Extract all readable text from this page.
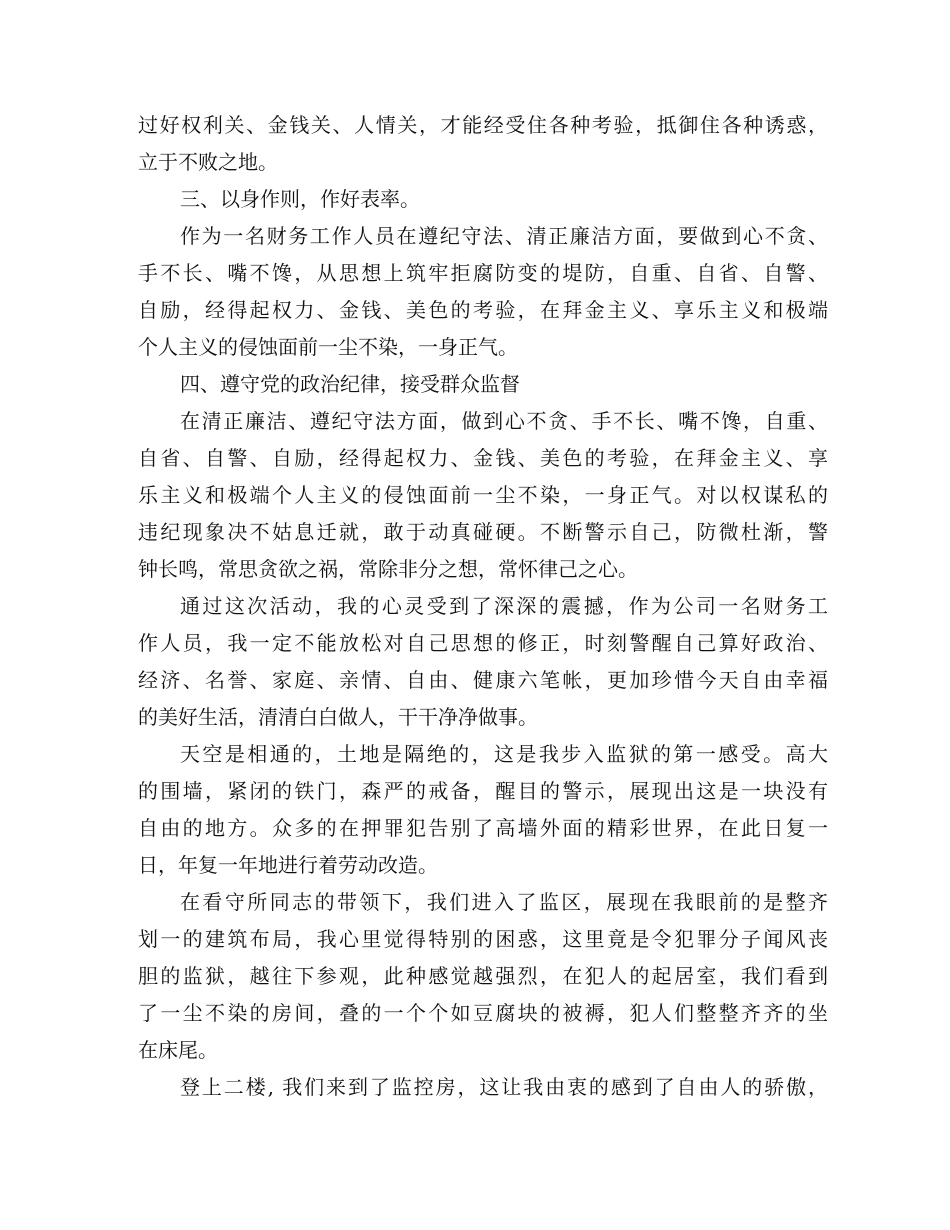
过好权利关、金钱关、人情关，才能经受住各种考验，抵御住各种诱惑，
立于不败之地。
三、以身作则，作好表率。
作为一名财务工作人员在遵纪守法、清正廉洁方面，要做到心不贪、
手不长、嘴不馋，从思想上筑牢拒腐防变的堤防，自重、自省、自警、
自励，经得起权力、金钱、美色的考验，在拜金主义、享乐主义和极端
个人主义的侵蚀面前一尘不染，一身正气。
四、遵守党的政治纪律，接受群众监督
在清正廉洁、遵纪守法方面，做到心不贪、手不长、嘴不馋，自重、
自省、自警、自励，经得起权力、金钱、美色的考验，在拜金主义、享
乐主义和极端个人主义的侵蚀面前一尘不染，一身正气。对以权谋私的
违纪现象决不姑息迁就，敢于动真碰硬。不断警示自己，防微杜渐，警
钟长鸣，常思贪欲之祸，常除非分之想，常怀律己之心。
通过这次活动，我的心灵受到了深深的震撼，作为公司一名财务工
作人员，我一定不能放松对自己思想的修正，时刻警醒自己算好政治、
经济、名誉、家庭、亲情、自由、健康六笔帐，更加珍惜今天自由幸福
的美好生活，清清白白做人，干干净净做事。
天空是相通的，土地是隔绝的，这是我步入监狱的第一感受。高大
的围墙，紧闭的铁门，森严的戒备，醒目的警示，展现出这是一块没有
自由的地方。众多的在押罪犯告别了高墙外面的精彩世界，在此日复一
日，年复一年地进行着劳动改造。
在看守所同志的带领下，我们进入了监区，展现在我眼前的是整齐
划一的建筑布局，我心里觉得特别的困惑，这里竟是令犯罪分子闻风丧
胆的监狱，越往下参观，此种感觉越强烈，在犯人的起居室，我们看到
了一尘不染的房间，叠的一个个如豆腐块的被褥，犯人们整整齐齐的坐
在床尾。
登上二楼, 我们来到了监控房，这让我由衷的感到了自由人的骄傲，
